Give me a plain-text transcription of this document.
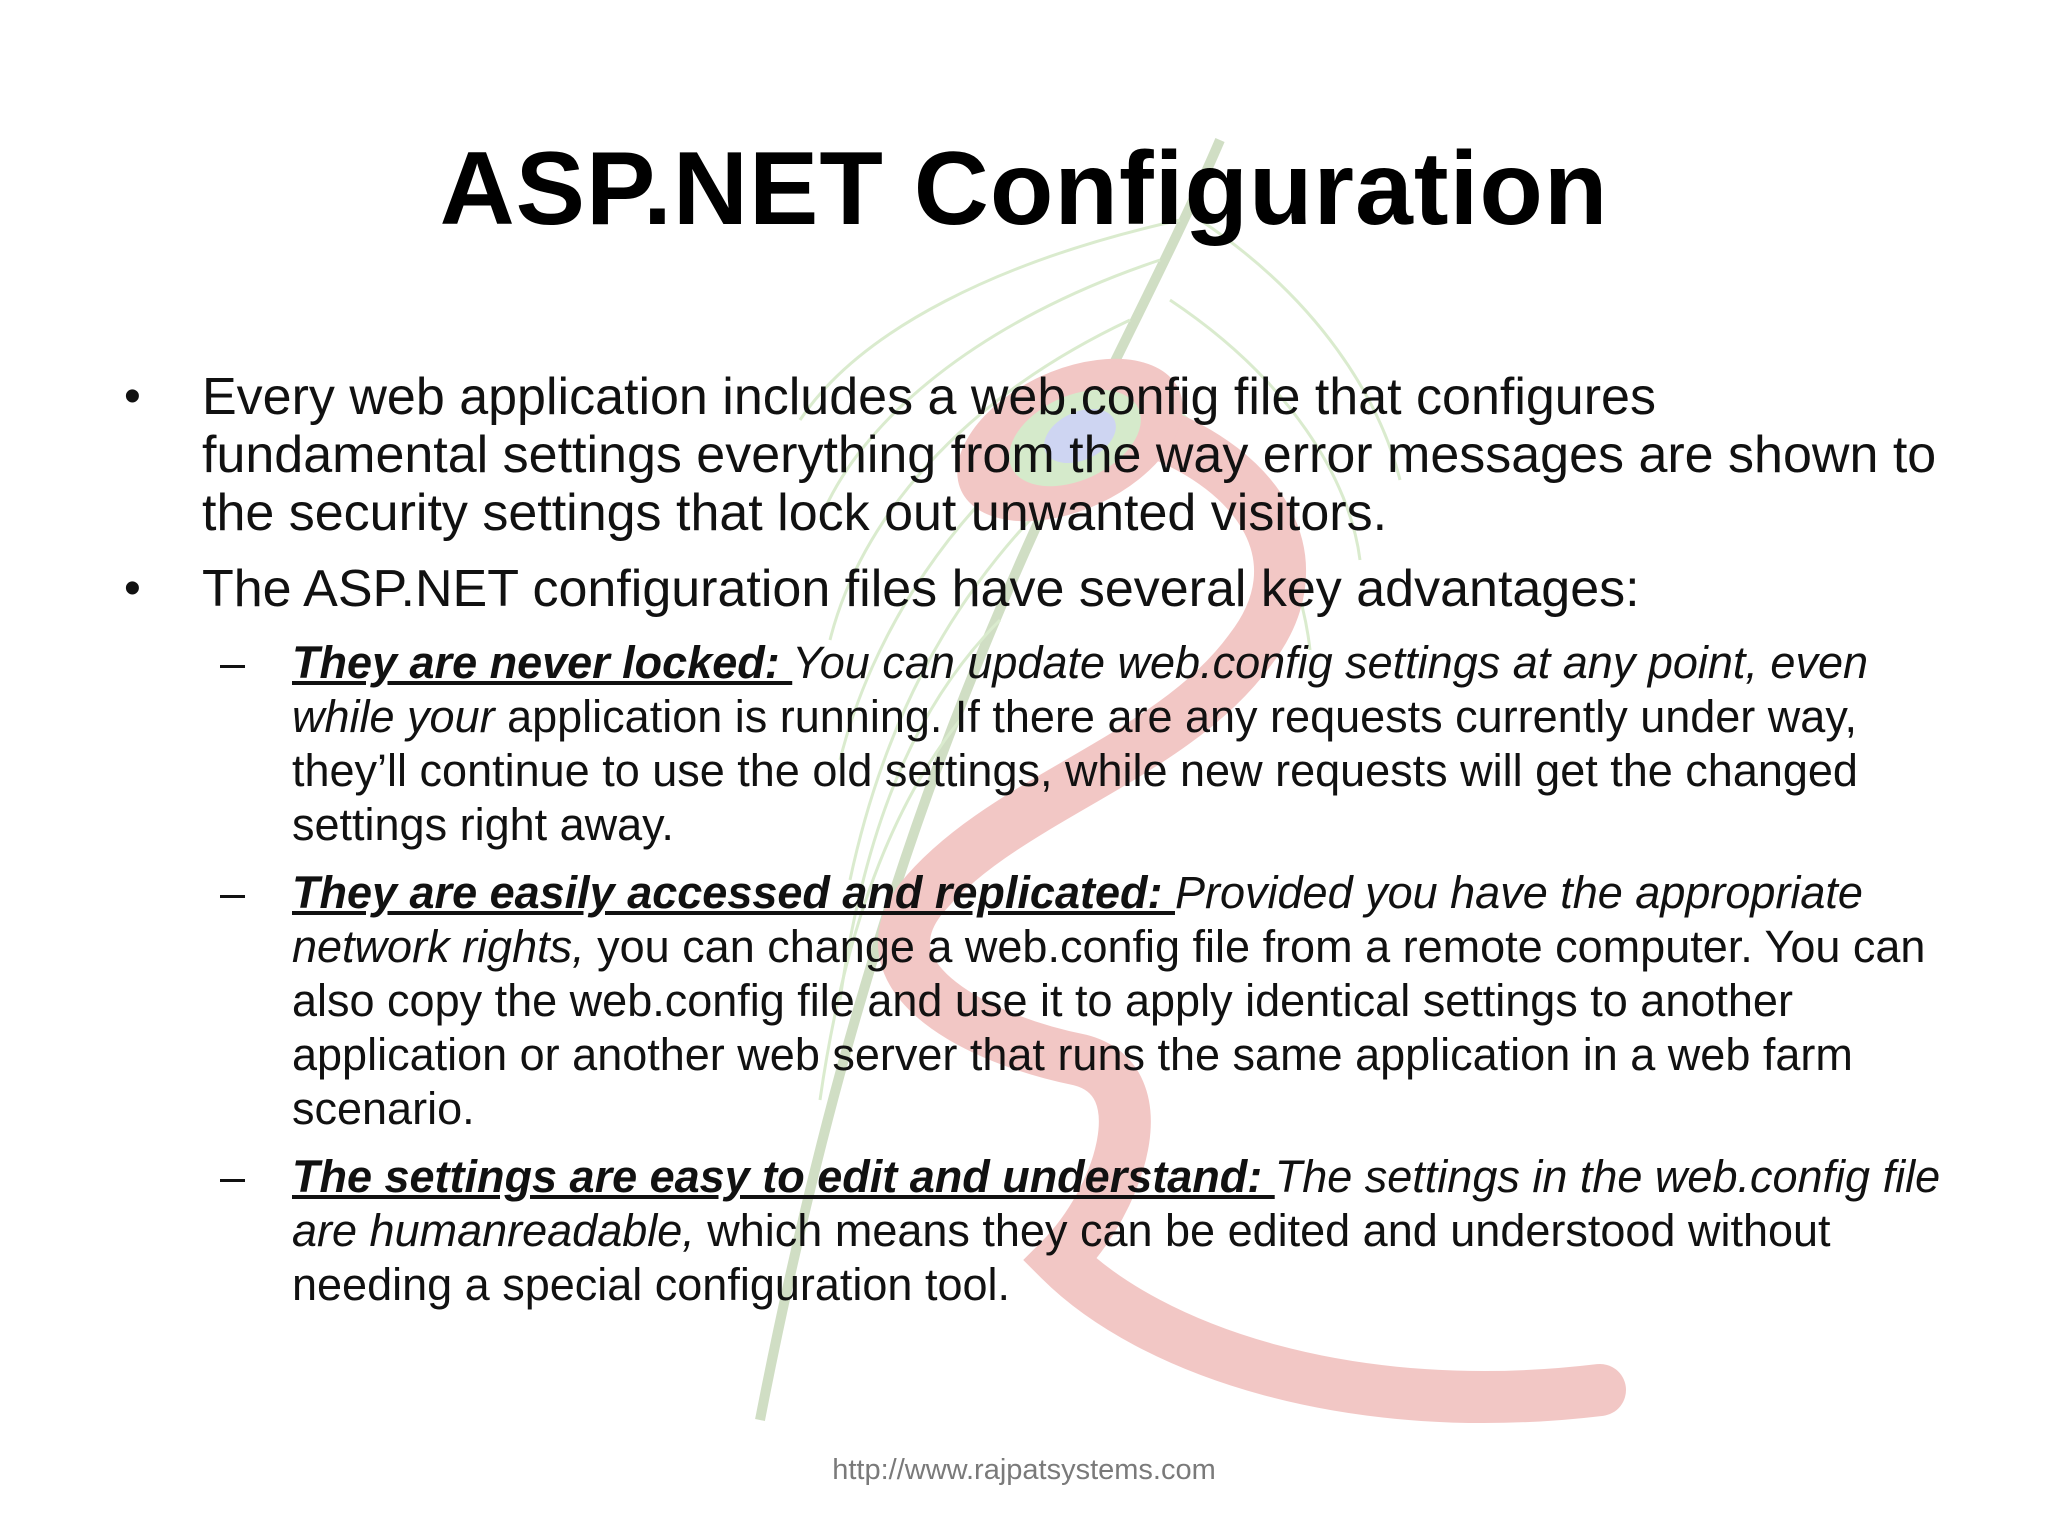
ASP.NET Configuration
• Every web application includes a web.config file that configures fundamental settings everything from the way error messages are shown to the security settings that lock out unwanted visitors.
• The ASP.NET configuration files have several key advantages:
– They are never locked: You can update web.config settings at any point, even while your application is running. If there are any requests currently under way, they’ll continue to use the old settings, while new requests will get the changed settings right away.
– They are easily accessed and replicated: Provided you have the appropriate network rights, you can change a web.config file from a remote computer. You can also copy the web.config file and use it to apply identical settings to another application or another web server that runs the same application in a web farm scenario.
– The settings are easy to edit and understand: The settings in the web.config file are humanreadable, which means they can be edited and understood without needing a special configuration tool.
http://www.rajpatsystems.com
